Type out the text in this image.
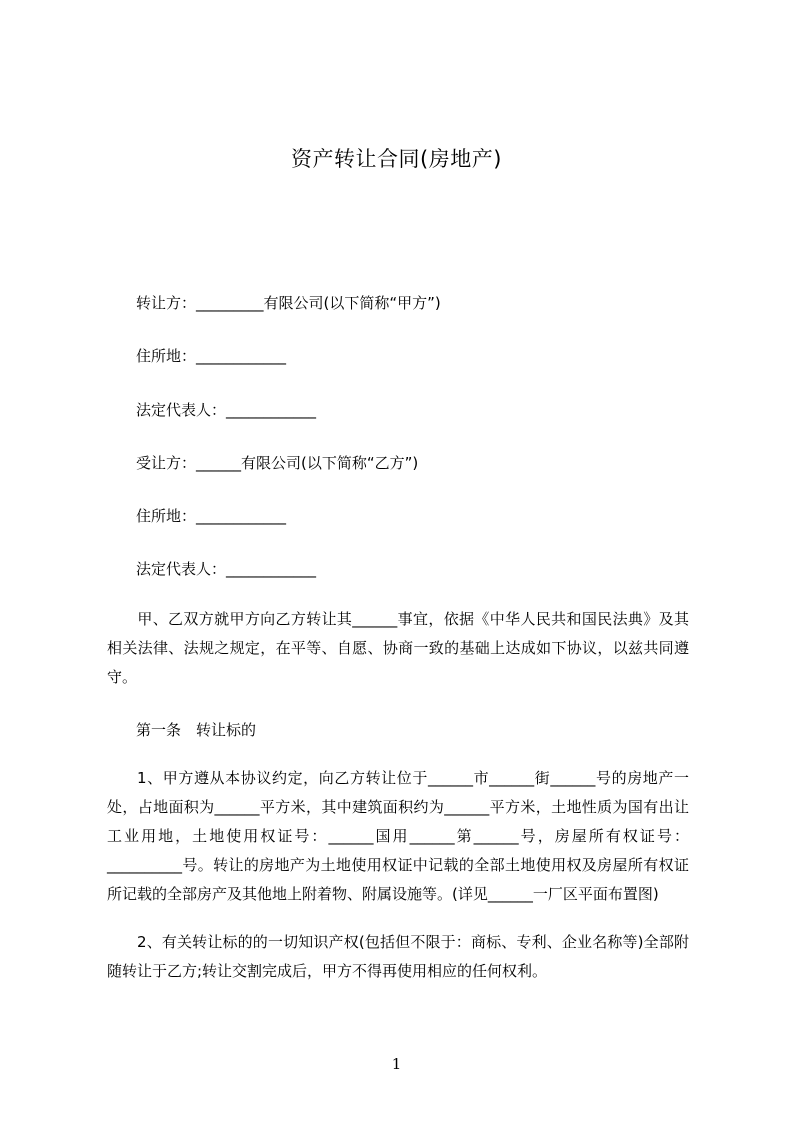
资产转让合同(房地产)
转让方：_________有限公司(以下简称“甲方”)
住所地：____________
法定代表人：____________
受让方：______有限公司(以下简称“乙方”)
住所地：____________
法定代表人：____________
甲、乙双方就甲方向乙方转让其______事宜，依据《中华人民共和国民法典》及其相关法律、法规之规定，在平等、自愿、协商一致的基础上达成如下协议，以兹共同遵守。
第一条　转让标的
1、甲方遵从本协议约定，向乙方转让位于______市______街______号的房地产一处，占地面积为______平方米，其中建筑面积约为______平方米，土地性质为国有出让工业用地，土地使用权证号：______国用______第______号，房屋所有权证号：__________号。转让的房地产为土地使用权证中记载的全部土地使用权及房屋所有权证所记载的全部房产及其他地上附着物、附属设施等。(详见______一厂区平面布置图)
2、有关转让标的的一切知识产权(包括但不限于：商标、专利、企业名称等)全部附随转让于乙方;转让交割完成后，甲方不得再使用相应的任何权利。
1
